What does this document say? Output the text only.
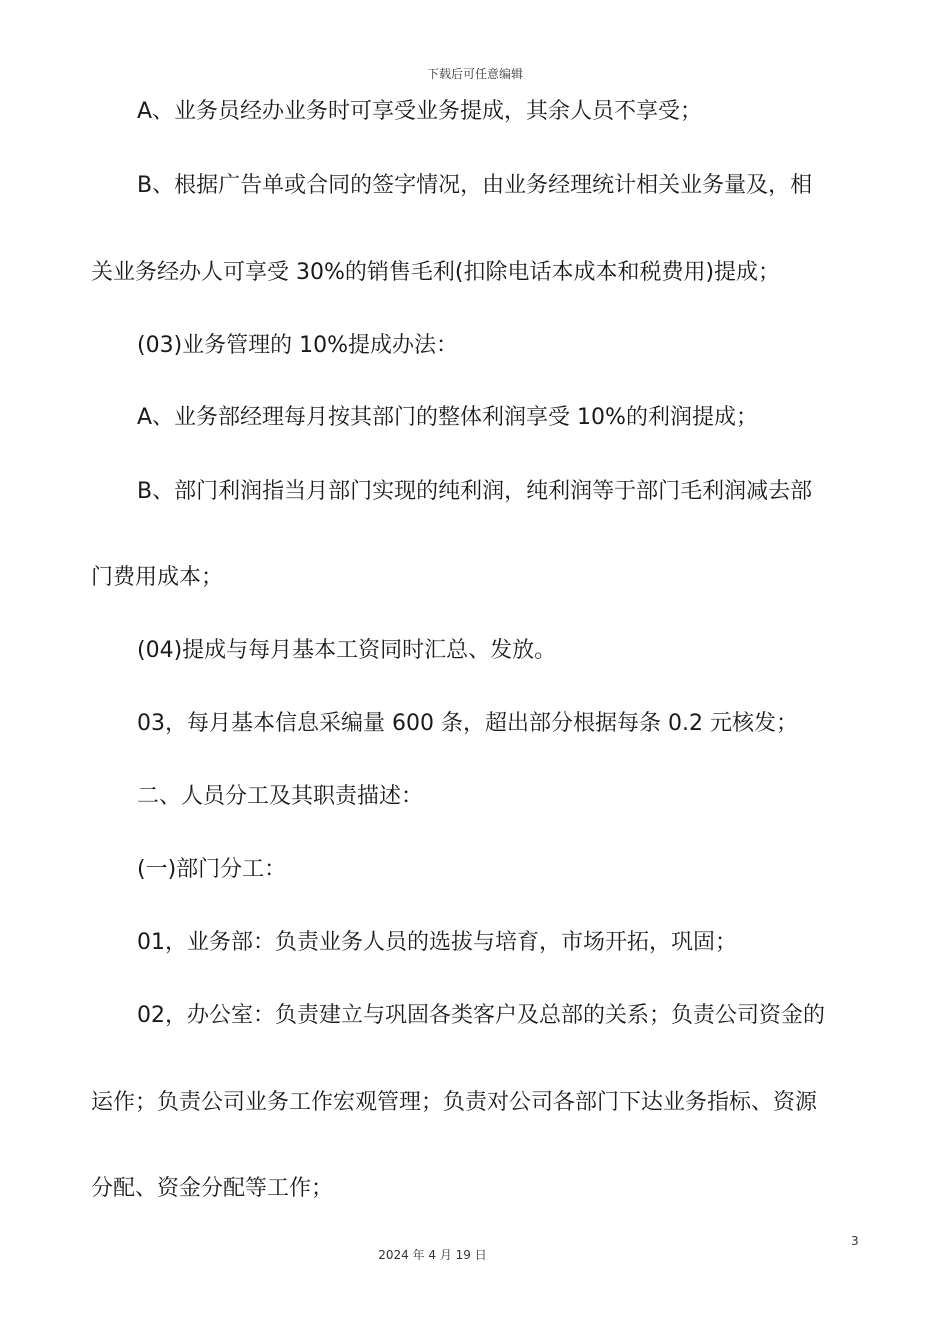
下载后可任意编辑
A、业务员经办业务时可享受业务提成，其余人员不享受；
B、根据广告单或合同的签字情况，由业务经理统计相关业务量及，相
关业务经办人可享受 30%的销售毛利(扣除电话本成本和税费用)提成；
(03)业务管理的 10%提成办法：
A、业务部经理每月按其部门的整体利润享受 10%的利润提成；
B、部门利润指当月部门实现的纯利润，纯利润等于部门毛利润减去部
门费用成本；
(04)提成与每月基本工资同时汇总、发放。
03，每月基本信息采编量 600 条，超出部分根据每条 0.2 元核发；
二、人员分工及其职责描述：
(一)部门分工：
01，业务部：负责业务人员的选拔与培育，市场开拓，巩固；
02，办公室：负责建立与巩固各类客户及总部的关系；负责公司资金的
运作；负责公司业务工作宏观管理；负责对公司各部门下达业务指标、资源
分配、资金分配等工作；
3
2024 年 4 月 19 日
